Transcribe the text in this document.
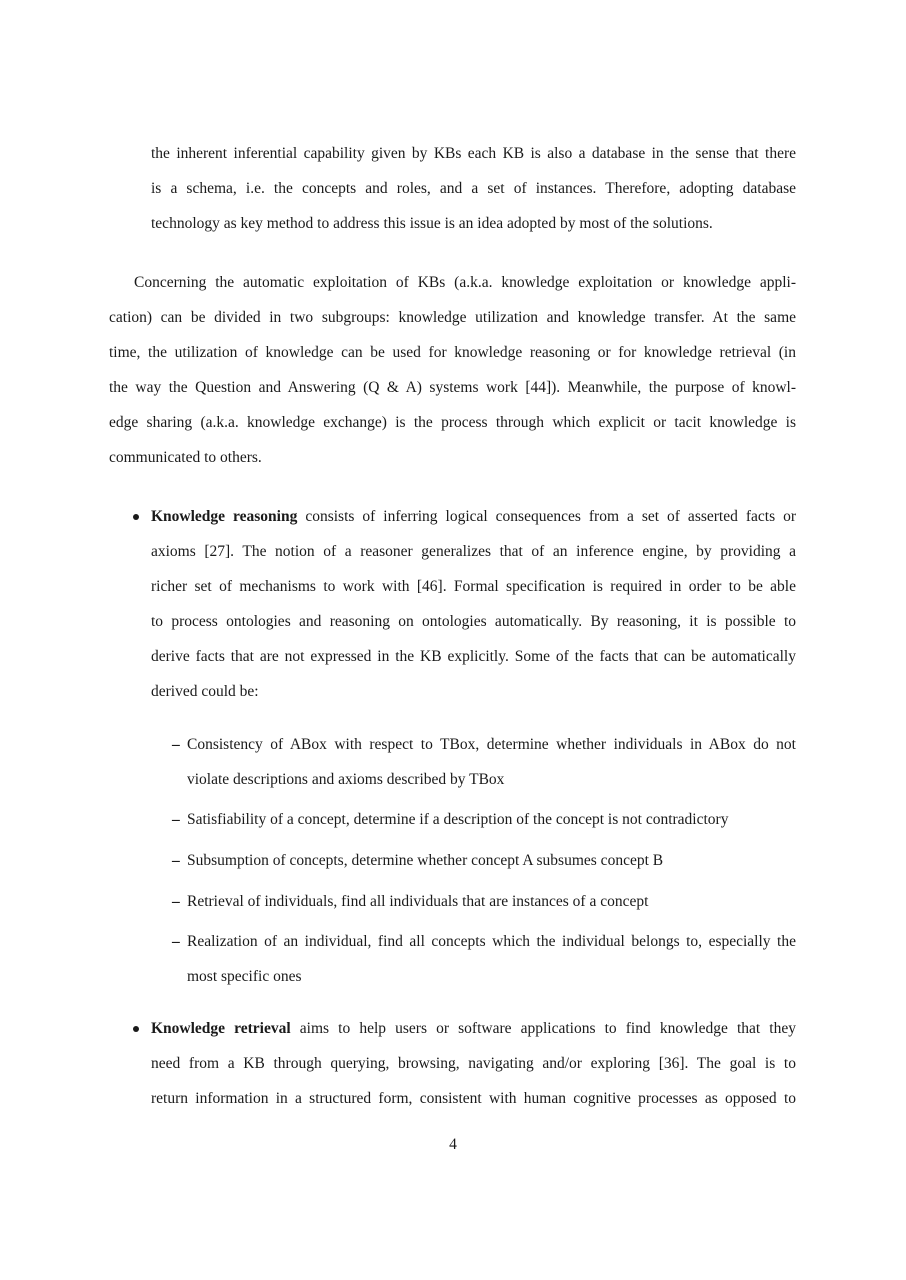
the inherent inferential capability given by KBs each KB is also a database in the sense that there
is a schema, i.e. the concepts and roles, and a set of instances. Therefore, adopting database
technology as key method to address this issue is an idea adopted by most of the solutions.
Concerning the automatic exploitation of KBs (a.k.a. knowledge exploitation or knowledge appli-
cation) can be divided in two subgroups: knowledge utilization and knowledge transfer. At the same
time, the utilization of knowledge can be used for knowledge reasoning or for knowledge retrieval (in
the way the Question and Answering (Q & A) systems work [44]). Meanwhile, the purpose of knowl-
edge sharing (a.k.a. knowledge exchange) is the process through which explicit or tacit knowledge is
communicated to others.
Knowledge reasoning consists of inferring logical consequences from a set of asserted facts or
axioms [27]. The notion of a reasoner generalizes that of an inference engine, by providing a
richer set of mechanisms to work with [46]. Formal specification is required in order to be able
to process ontologies and reasoning on ontologies automatically. By reasoning, it is possible to
derive facts that are not expressed in the KB explicitly. Some of the facts that can be automatically
derived could be:
– Consistency of ABox with respect to TBox, determine whether individuals in ABox do not
violate descriptions and axioms described by TBox
– Satisfiability of a concept, determine if a description of the concept is not contradictory
– Subsumption of concepts, determine whether concept A subsumes concept B
– Retrieval of individuals, find all individuals that are instances of a concept
– Realization of an individual, find all concepts which the individual belongs to, especially the
most specific ones
Knowledge retrieval aims to help users or software applications to find knowledge that they
need from a KB through querying, browsing, navigating and/or exploring [36]. The goal is to
return information in a structured form, consistent with human cognitive processes as opposed to
4
